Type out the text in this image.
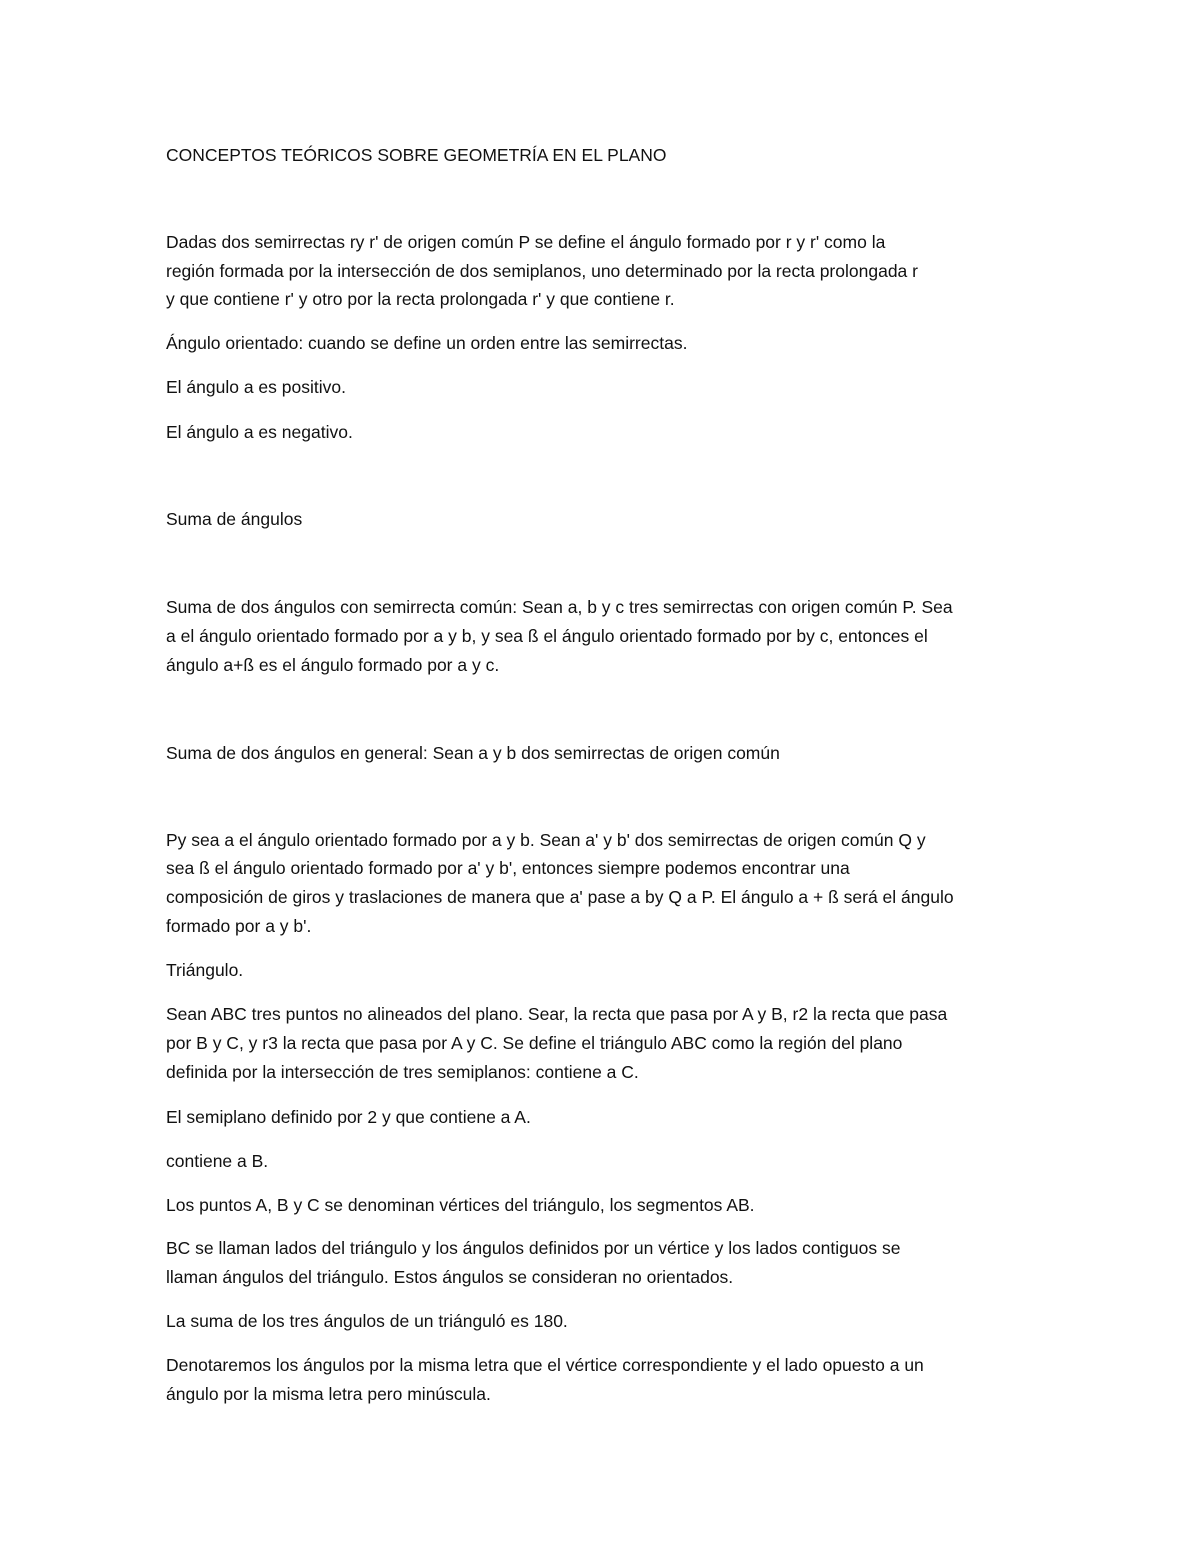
CONCEPTOS TEÓRICOS SOBRE GEOMETRÍA EN EL PLANO

Dadas dos semirrectas ry r' de origen común P se define el ángulo formado por r y r' como la

región formada por la intersección de dos semiplanos, uno determinado por la recta prolongada r

y que contiene r' y otro por la recta prolongada r' y que contiene r.

Ángulo orientado: cuando se define un orden entre las semirrectas.

El ángulo a es positivo.

El ángulo a es negativo.

Suma de ángulos

Suma de dos ángulos con semirrecta común: Sean a, b y c tres semirrectas con origen común P. Sea

a el ángulo orientado formado por a y b, y sea ß el ángulo orientado formado por by c, entonces el

ángulo a+ß es el ángulo formado por a y c.

Suma de dos ángulos en general: Sean a y b dos semirrectas de origen común

Py sea a el ángulo orientado formado por a y b. Sean a' y b' dos semirrectas de origen común Q y

sea ß el ángulo orientado formado por a' y b', entonces siempre podemos encontrar una

composición de giros y traslaciones de manera que a' pase a by Q a P. El ángulo a + ß será el ángulo

formado por a y b'.

Triángulo.

Sean ABC tres puntos no alineados del plano. Sear, la recta que pasa por A y B, r2 la recta que pasa

por B y C, y r3 la recta que pasa por A y C. Se define el triángulo ABC como la región del plano

definida por la intersección de tres semiplanos: contiene a C.

El semiplano definido por 2 y que contiene a A.

contiene a B.

Los puntos A, B y C se denominan vértices del triángulo, los segmentos AB.

BC se llaman lados del triángulo y los ángulos definidos por un vértice y los lados contiguos se

llaman ángulos del triángulo. Estos ángulos se consideran no orientados.

La suma de los tres ángulos de un triánguló es 180.

Denotaremos los ángulos por la misma letra que el vértice correspondiente y el lado opuesto a un

ángulo por la misma letra pero minúscula.
